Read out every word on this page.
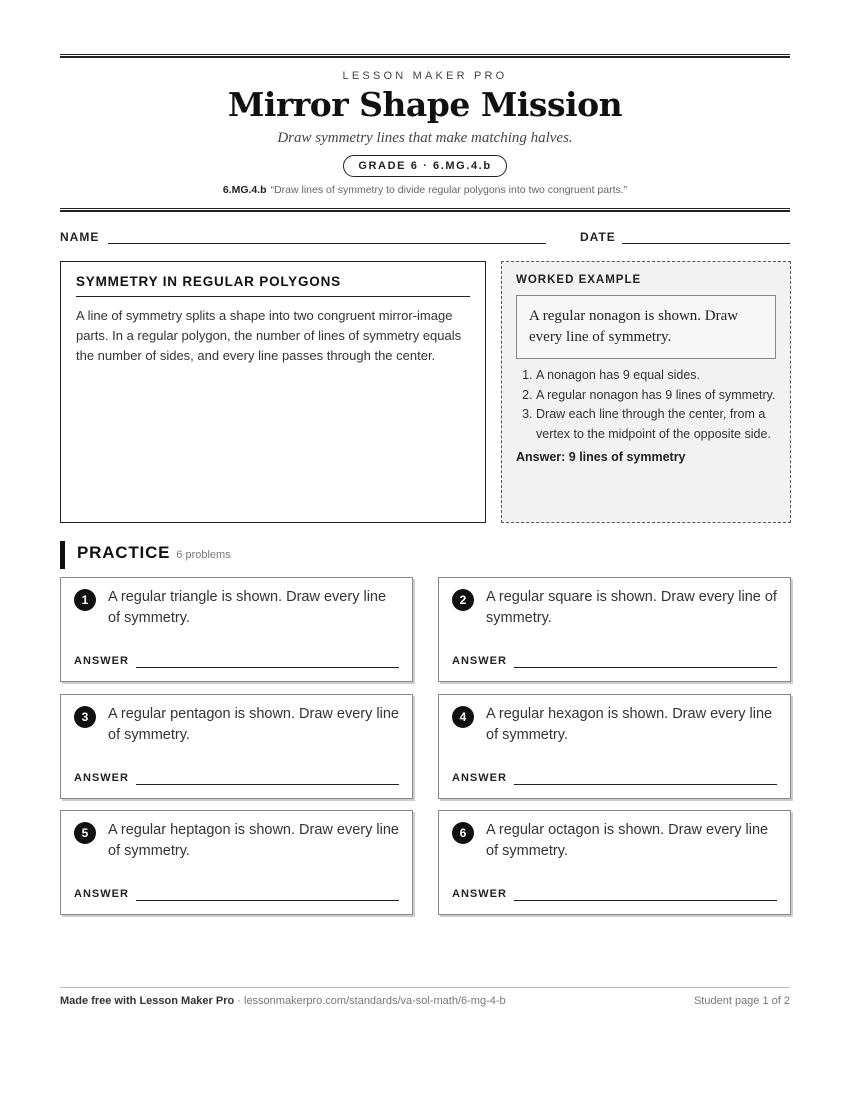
LESSON MAKER PRO
Mirror Shape Mission
Draw symmetry lines that make matching halves.
GRADE 6 · 6.MG.4.b
6.MG.4.b “Draw lines of symmetry to divide regular polygons into two congruent parts.”
NAME	DATE
SYMMETRY IN REGULAR POLYGONS

A line of symmetry splits a shape into two congruent mirror-image parts. In a regular polygon, the number of lines of symmetry equals the number of sides, and every line passes through the center.

WORKED EXAMPLE
A regular nonagon is shown. Draw every line of symmetry.
1. A nonagon has 9 equal sides.
2. A regular nonagon has 9 lines of symmetry.
3. Draw each line through the center, from a vertex to the midpoint of the opposite side.
Answer: 9 lines of symmetry
PRACTICE 6 problems
1	A regular triangle is shown. Draw every line of symmetry.
ANSWER
2	A regular square is shown. Draw every line of symmetry.
ANSWER
3	A regular pentagon is shown. Draw every line of symmetry.
ANSWER
4	A regular hexagon is shown. Draw every line of symmetry.
ANSWER
5	A regular heptagon is shown. Draw every line of symmetry.
ANSWER
6	A regular octagon is shown. Draw every line of symmetry.
ANSWER
Made free with Lesson Maker Pro · lessonmakerpro.com/standards/va-sol-math/6-mg-4-b	Student page 1 of 2
